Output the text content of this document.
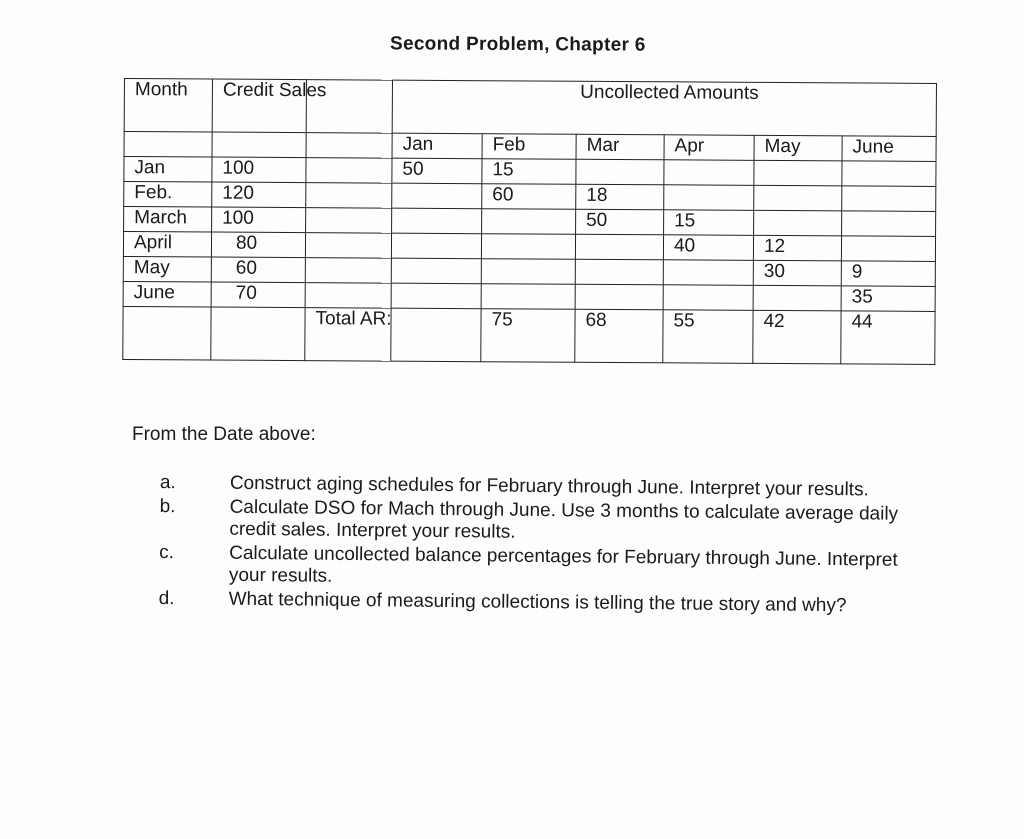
Second Problem, Chapter 6
Month	Credit Sales		Uncollected Amounts					
			Jan	Feb	Mar	Apr	May	June
Jan	100		50	15				
Feb.	120			60	18			
March	100				50	15		
April	80					40	12	
May	60						30	9
June	70							35
		Total AR:		75	68	55	42	44
From the Date above:
a.	Construct aging schedules for February through June. Interpret your results.
b.	Calculate DSO for Mach through June. Use 3 months to calculate average daily credit sales. Interpret your results.
c.	Calculate uncollected balance percentages for February through June. Interpret your results.
d.	What technique of measuring collections is telling the true story and why?
